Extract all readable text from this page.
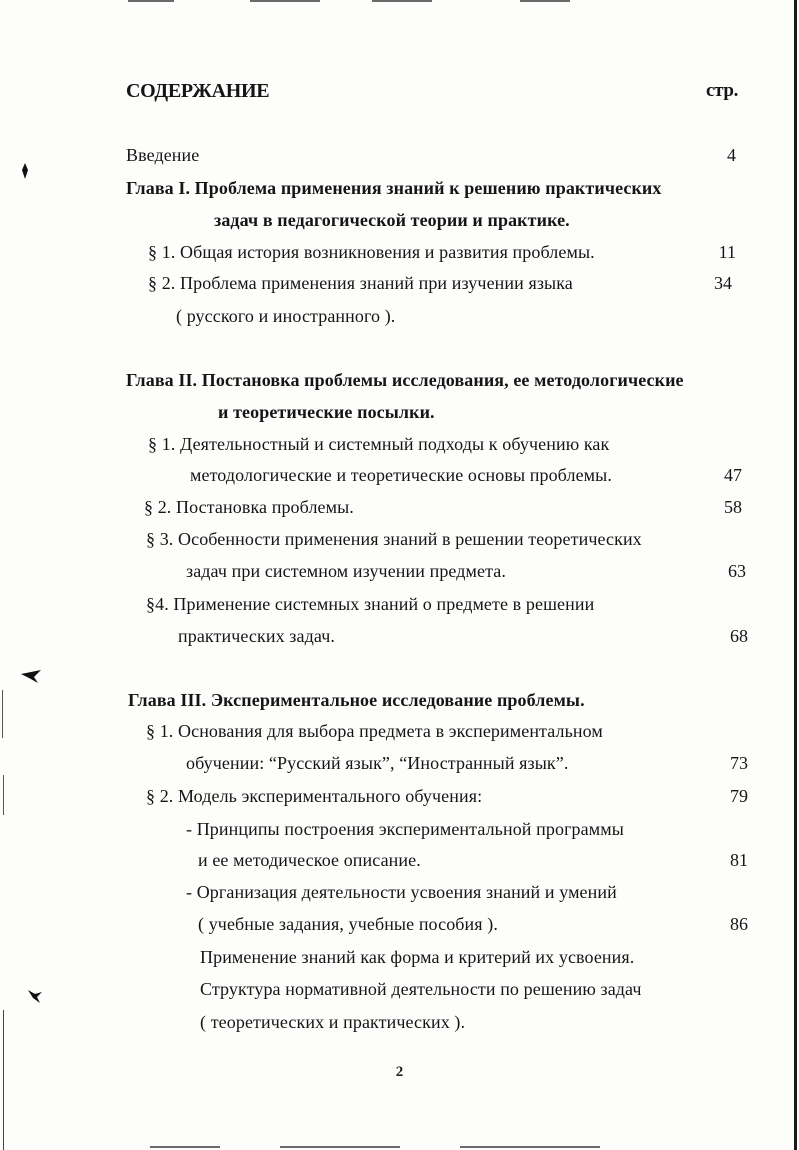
СОДЕРЖАНИЕ	стр.
Введение	4
Глава I. Проблема применения знаний к решению практических
задач в педагогической теории и практике.
§ 1. Общая история возникновения и развития проблемы.	11
§ 2. Проблема применения знаний при изучении языка	34
( русского и иностранного ).
Глава II. Постановка проблемы исследования, ее методологические
и теоретические посылки.
§ 1. Деятельностный и системный подходы к обучению как
методологические и теоретические основы проблемы.	47
§ 2. Постановка проблемы.	58
§ 3. Особенности применения знаний в решении теоретических
задач при системном изучении предмета.	63
§4. Применение системных знаний о предмете в решении
практических задач.	68
Глава III. Экспериментальное исследование проблемы.
§ 1. Основания для выбора предмета в экспериментальном
обучении: “Русский язык”, “Иностранный язык”.	73
§ 2. Модель экспериментального обучения:	79
- Принципы построения экспериментальной программы
и ее методическое описание.	81
- Организация деятельности усвоения знаний и умений
( учебные задания, учебные пособия ).	86
Применение знаний как форма и критерий их усвоения.
Структура нормативной деятельности по решению задач
( теоретических и практических ).
2
